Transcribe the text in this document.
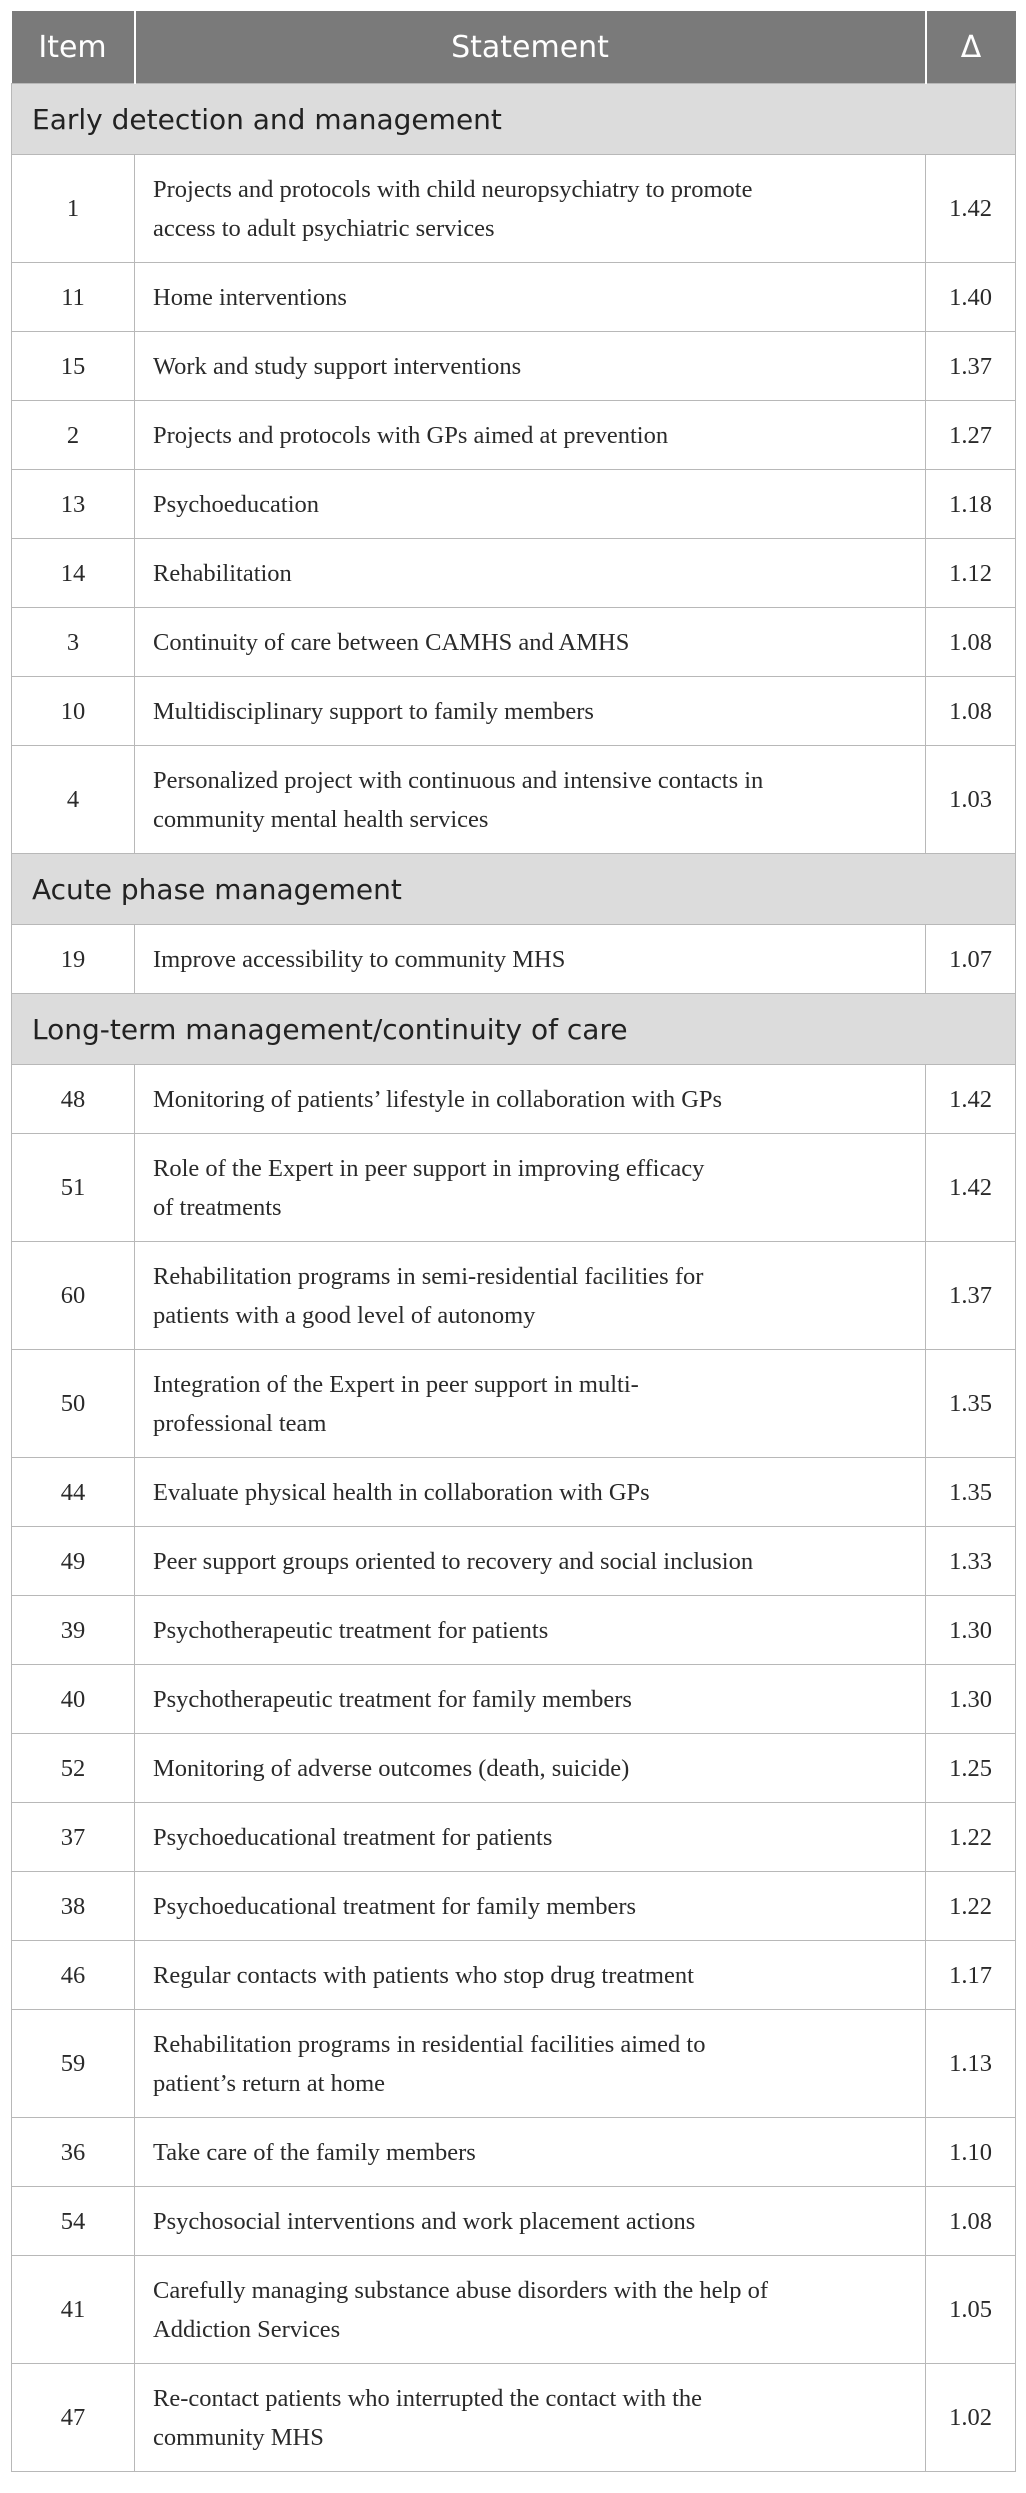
Item	Statement	Δ
Early detection and management		
1	Projects and protocols with child neuropsychiatry to promote
access to adult psychiatric services	1.42
11	Home interventions	1.40
15	Work and study support interventions	1.37
2	Projects and protocols with GPs aimed at prevention	1.27
13	Psychoeducation	1.18
14	Rehabilitation	1.12
3	Continuity of care between CAMHS and AMHS	1.08
10	Multidisciplinary support to family members	1.08
4	Personalized project with continuous and intensive contacts in
community mental health services	1.03
Acute phase management		
19	Improve accessibility to community MHS	1.07
Long-term management/continuity of care		
48	Monitoring of patients’ lifestyle in collaboration with GPs	1.42
51	Role of the Expert in peer support in improving efficacy
of treatments	1.42
60	Rehabilitation programs in semi-residential facilities for
patients with a good level of autonomy	1.37
50	Integration of the Expert in peer support in multi-
professional team	1.35
44	Evaluate physical health in collaboration with GPs	1.35
49	Peer support groups oriented to recovery and social inclusion	1.33
39	Psychotherapeutic treatment for patients	1.30
40	Psychotherapeutic treatment for family members	1.30
52	Monitoring of adverse outcomes (death, suicide)	1.25
37	Psychoeducational treatment for patients	1.22
38	Psychoeducational treatment for family members	1.22
46	Regular contacts with patients who stop drug treatment	1.17
59	Rehabilitation programs in residential facilities aimed to
patient’s return at home	1.13
36	Take care of the family members	1.10
54	Psychosocial interventions and work placement actions	1.08
41	Carefully managing substance abuse disorders with the help of
Addiction Services	1.05
47	Re-contact patients who interrupted the contact with the
community MHS	1.02
